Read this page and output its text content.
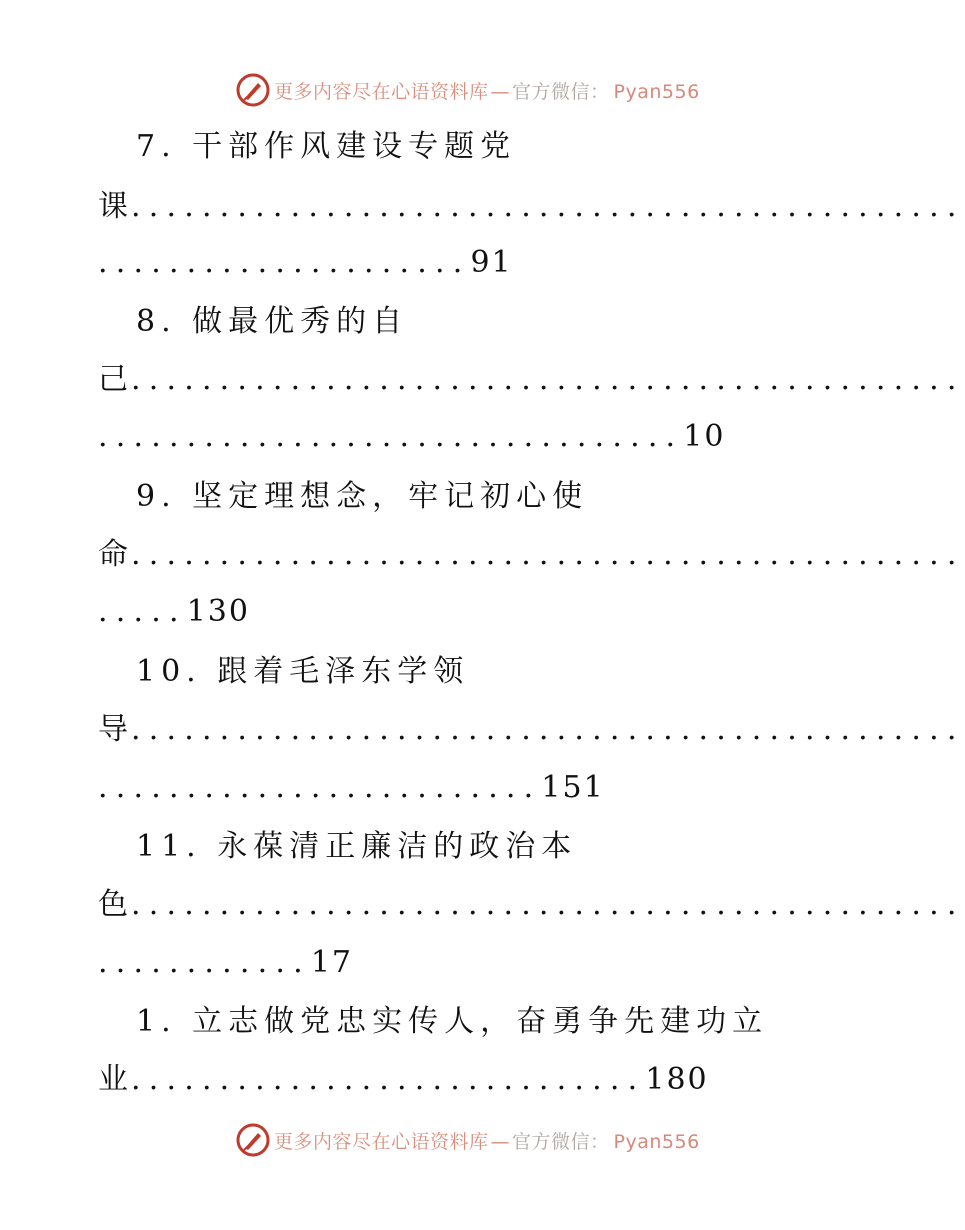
更多内容尽在心语资料库 — 官方微信： Pyan556
7. 干部作风建设专题党
课...............................................
.....................91
8. 做最优秀的自
己...............................................
.................................10
9. 坚定理想念，牢记初心使
命...............................................
.....130
10. 跟着毛泽东学领
导...............................................
.........................151
11. 永葆清正廉洁的政治本
色...............................................
............17
1. 立志做党忠实传人，奋勇争先建功立
业.............................180
更多内容尽在心语资料库 — 官方微信： Pyan556
